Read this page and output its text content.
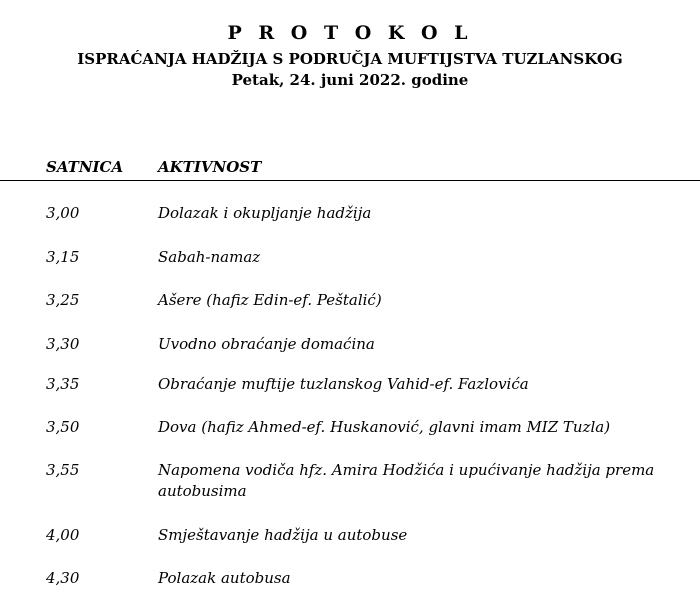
P R O T O K O L
ISPRAĆANJA HADŽIJA S PODRUČJA MUFTIJSTVA TUZLANSKOG
Petak, 24. juni 2022. godine
SATNICA AKTIVNOST
3,00	Dolazak i okupljanje hadžija
3,15	Sabah-namaz
3,25	Ašere (hafiz Edin-ef. Peštalić)
3,30	Uvodno obraćanje domaćina
3,35	Obraćanje muftije tuzlanskog Vahid-ef. Fazlovića
3,50	Dova (hafiz Ahmed-ef. Huskanović, glavni imam MIZ Tuzla)
3,55	Napomena vodiča hfz. Amira Hodžića i upućivanje hadžija prema autobusima
4,00	Smještavanje hadžija u autobuse
4,30	Polazak autobusa
